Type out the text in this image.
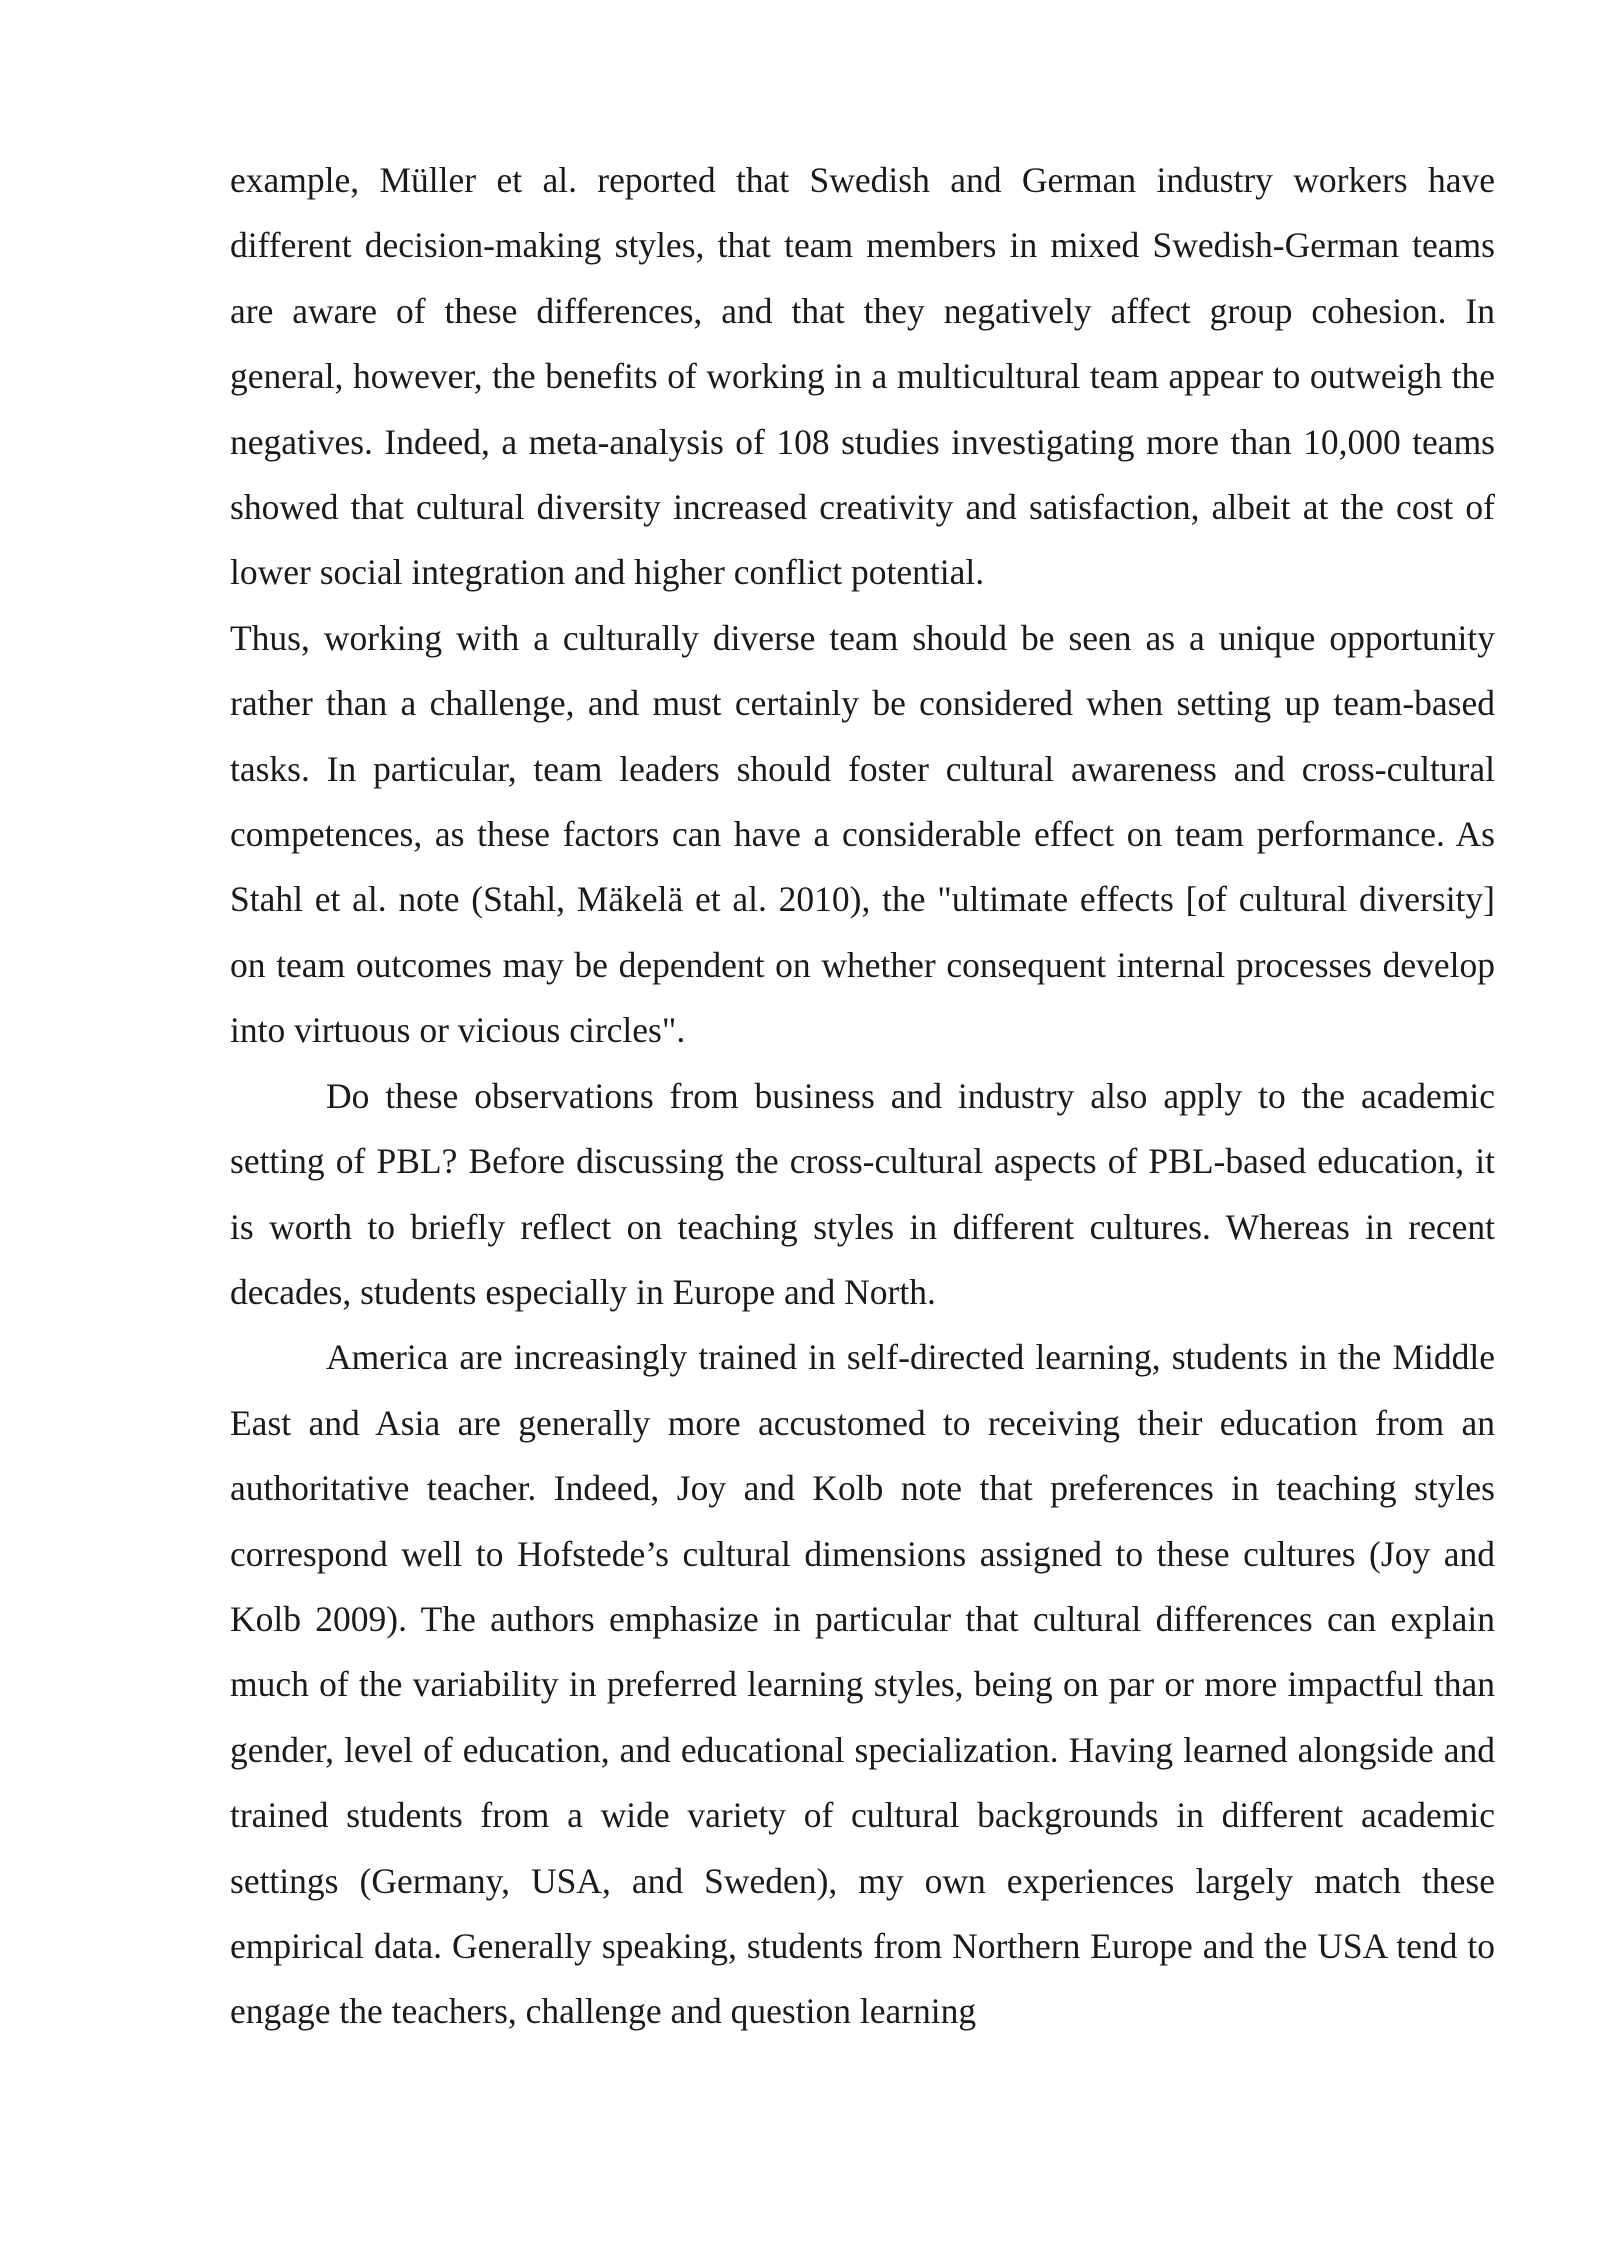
example, Müller et al. reported that Swedish and German industry workers have different decision-making styles, that team members in mixed Swedish-German teams are aware of these differences, and that they negatively affect group cohesion. In general, however, the benefits of working in a multicultural team appear to outweigh the negatives. Indeed, a meta-analysis of 108 studies investigating more than 10,000 teams showed that cultural diversity increased creativity and satisfaction, albeit at the cost of lower social integration and higher conflict potential.

Thus, working with a culturally diverse team should be seen as a unique opportunity rather than a challenge, and must certainly be considered when setting up team-based tasks. In particular, team leaders should foster cultural awareness and cross-cultural competences, as these factors can have a considerable effect on team performance. As Stahl et al. note (Stahl, Mäkelä et al. 2010), the "ultimate effects [of cultural diversity] on team outcomes may be dependent on whether consequent internal processes develop into virtuous or vicious circles".

Do these observations from business and industry also apply to the academic setting of PBL? Before discussing the cross-cultural aspects of PBL-based education, it is worth to briefly reflect on teaching styles in different cultures. Whereas in recent decades, students especially in Europe and North.

America are increasingly trained in self-directed learning, students in the Middle East and Asia are generally more accustomed to receiving their education from an authoritative teacher. Indeed, Joy and Kolb note that preferences in teaching styles correspond well to Hofstede’s cultural dimensions assigned to these cultures (Joy and Kolb 2009). The authors emphasize in particular that cultural differences can explain much of the variability in preferred learning styles, being on par or more impactful than gender, level of education, and educational specialization. Having learned alongside and trained students from a wide variety of cultural backgrounds in different academic settings (Germany, USA, and Sweden), my own experiences largely match these empirical data. Generally speaking, students from Northern Europe and the USA tend to engage the teachers, challenge and question learning
